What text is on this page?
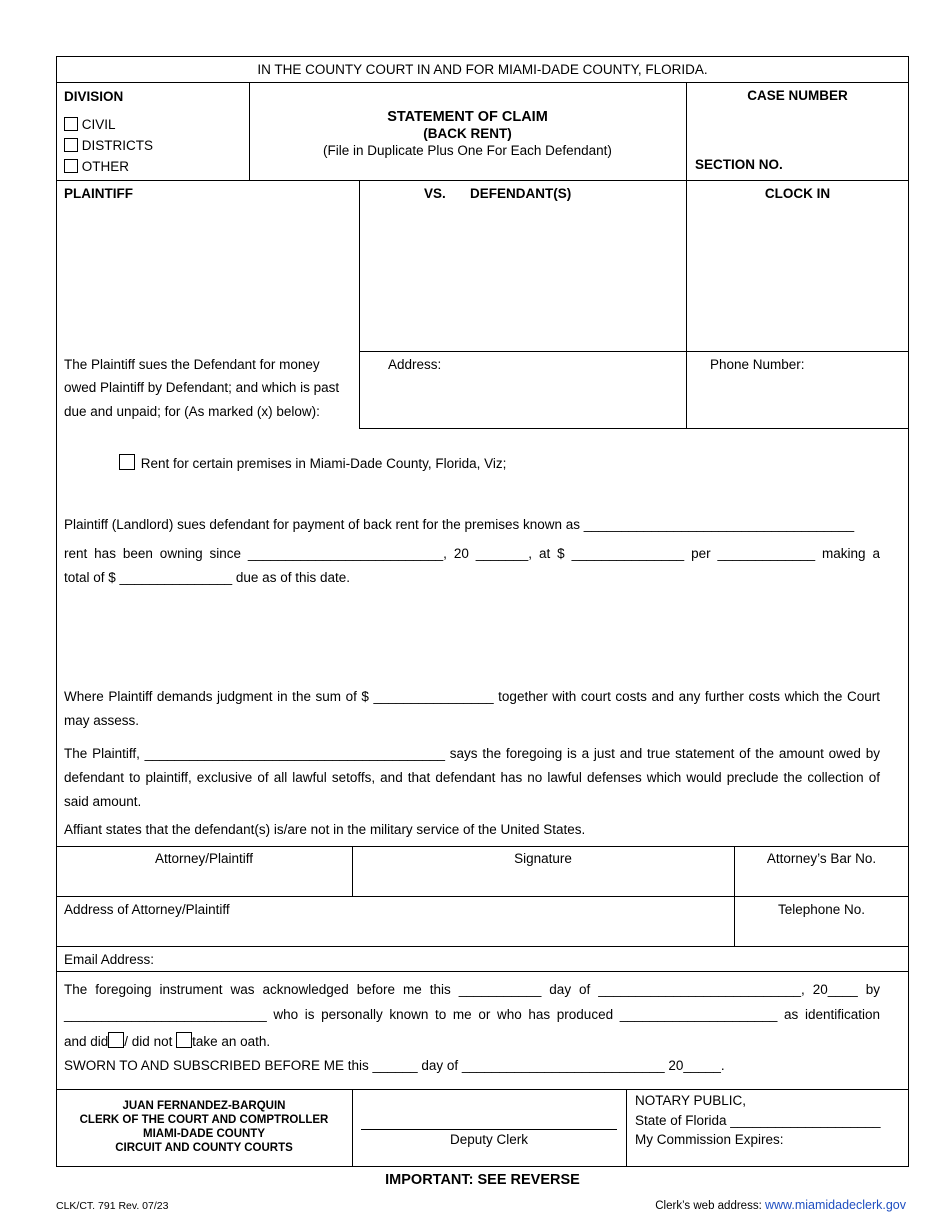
IN THE COUNTY COURT IN AND FOR MIAMI-DADE COUNTY, FLORIDA.
DIVISION
CIVIL
DISTRICTS
OTHER
STATEMENT OF CLAIM
(BACK RENT)
(File in Duplicate Plus One For Each Defendant)
CASE NUMBER
SECTION NO.
PLAINTIFF	VS. DEFENDANT(S)	CLOCK IN
The Plaintiff sues the Defendant for money
owed Plaintiff by Defendant; and which is past
due and unpaid; for (As marked (x) below):
Address:	Phone Number:
Rent for certain premises in Miami-Dade County, Florida, Viz;
Plaintiff (Landlord) sues defendant for payment of back rent for the premises known as ____________________________________
rent has been owning since __________________________, 20 _______, at $ _______________ per _____________ making a
total of $ _______________ due as of this date.
Where Plaintiff demands judgment in the sum of $ ________________ together with court costs and any further costs which the Court may assess.
The Plaintiff, ________________________________________ says the foregoing is a just and true statement of the amount owed by defendant to plaintiff, exclusive of all lawful setoffs, and that defendant has no lawful defenses which would preclude the collection of said amount.
Affiant states that the defendant(s) is/are not in the military service of the United States.
Attorney/Plaintiff	Signature	Attorney’s Bar No.
Address of Attorney/Plaintiff	Telephone No.
Email Address:
The foregoing instrument was acknowledged before me this ___________ day of ___________________________, 20____ by
___________________________ who is personally known to me or who has produced _____________________ as identification
and did / did not take an oath.
SWORN TO AND SUBSCRIBED BEFORE ME this ______ day of ___________________________ 20_____.
JUAN FERNANDEZ-BARQUIN
CLERK OF THE COURT AND COMPTROLLER
MIAMI-DADE COUNTY
CIRCUIT AND COUNTY COURTS
Deputy Clerk
NOTARY PUBLIC,
State of Florida ____________________
My Commission Expires:
IMPORTANT: SEE REVERSE
CLK/CT. 791 Rev. 07/23	Clerk’s web address: www.miamidadeclerk.gov
